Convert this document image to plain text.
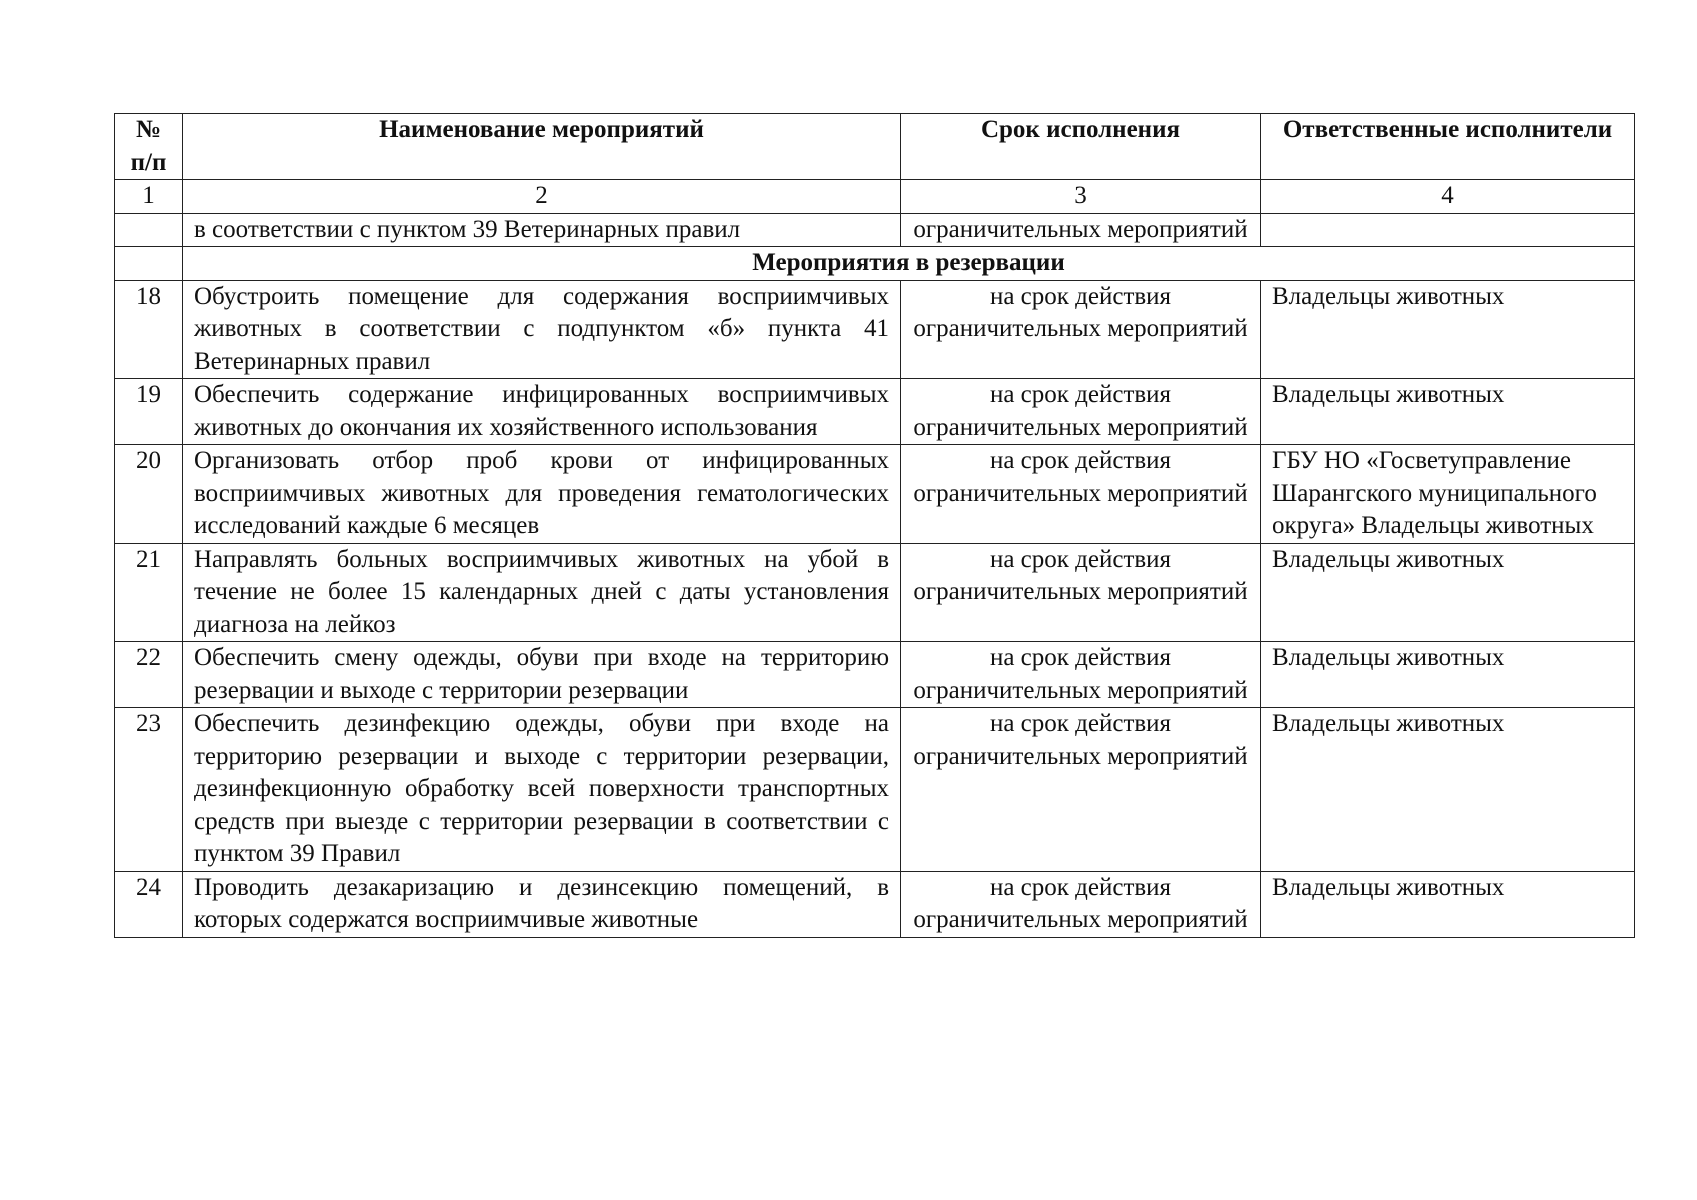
№ п/п	Наименование мероприятий	Срок исполнения	Ответственные исполнители
1	2	3	4
	в соответствии с пунктом 39 Ветеринарных правил	ограничительных мероприятий	
	Мероприятия в резервации		
18	Обустроить помещение для содержания восприимчивых животных в соответствии с подпунктом «б» пункта 41 Ветеринарных правил	на срок действия ограничительных мероприятий	Владельцы животных
19	Обеспечить содержание инфицированных восприимчивых животных до окончания их хозяйственного использования	на срок действия ограничительных мероприятий	Владельцы животных
20	Организовать отбор проб крови от инфицированных восприимчивых животных для проведения гематологических исследований каждые 6 месяцев	на срок действия ограничительных мероприятий	ГБУ НО «Госветуправление Шарангского муниципального округа» Владельцы животных
21	Направлять больных восприимчивых животных на убой в течение не более 15 календарных дней с даты установления диагноза на лейкоз	на срок действия ограничительных мероприятий	Владельцы животных
22	Обеспечить смену одежды, обуви при входе на территорию резервации и выходе с территории резервации	на срок действия ограничительных мероприятий	Владельцы животных
23	Обеспечить дезинфекцию одежды, обуви при входе на территорию резервации и выходе с территории резервации, дезинфекционную обработку всей поверхности транспортных средств при выезде с территории резервации в соответствии с пунктом 39 Правил	на срок действия ограничительных мероприятий	Владельцы животных
24	Проводить дезакаризацию и дезинсекцию помещений, в которых содержатся восприимчивые животные	на срок действия ограничительных мероприятий	Владельцы животных
